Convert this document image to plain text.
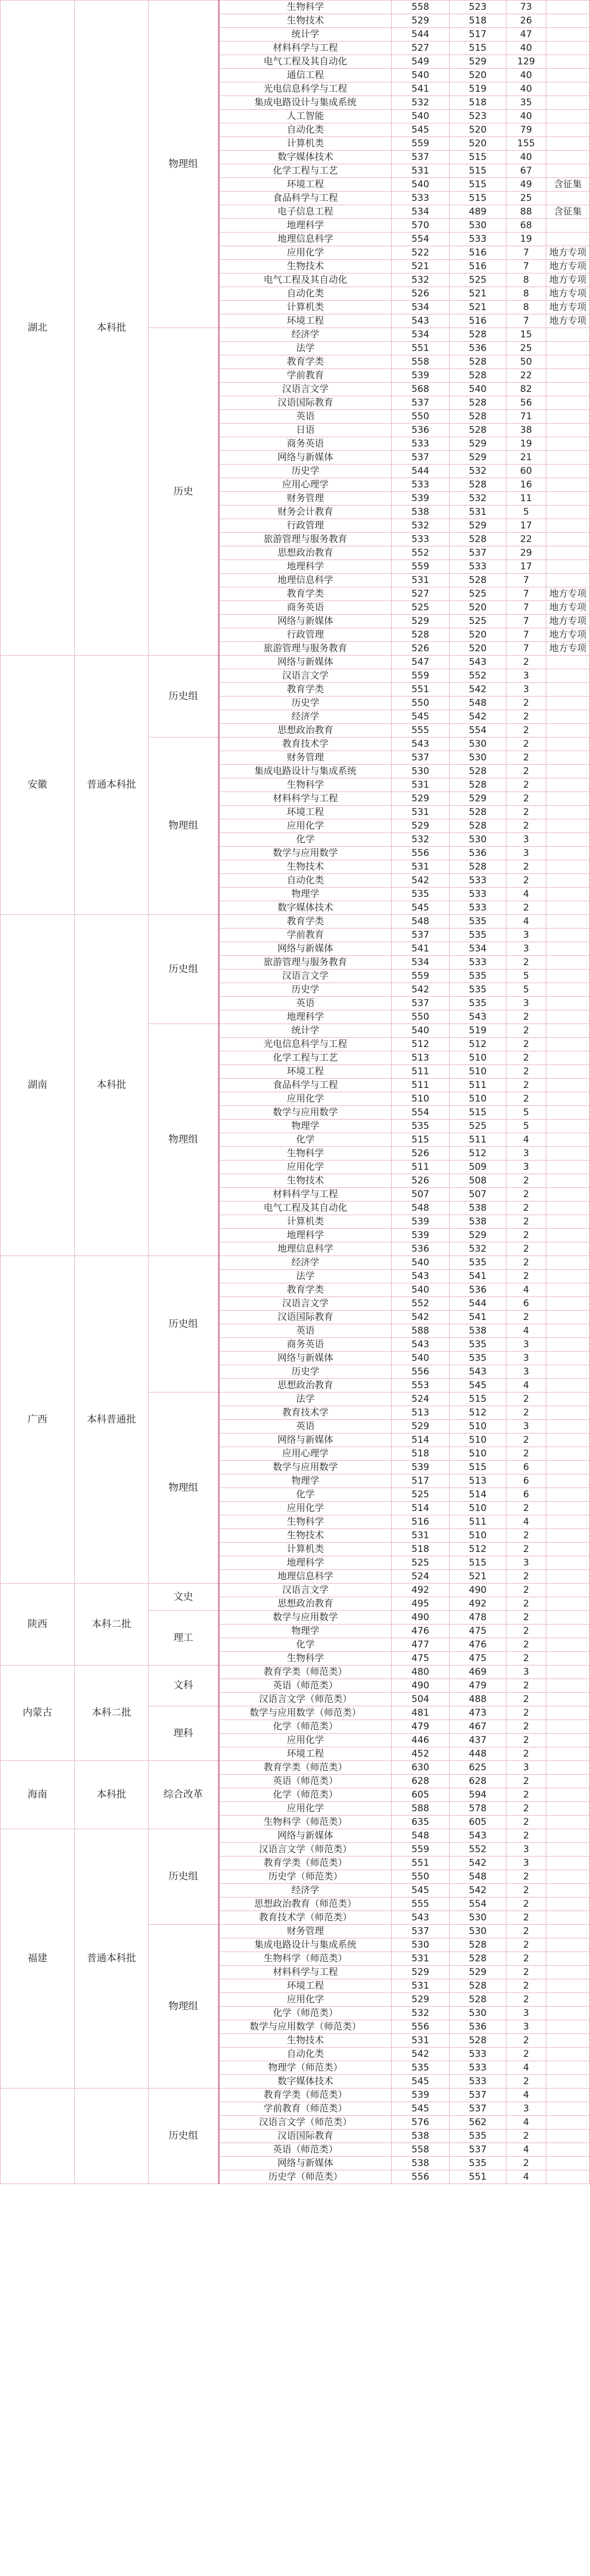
湖北	本科批	物理组	生物科学	558	523	73	
			生物技术	529	518	26	
			统计学	544	517	47	
			材料科学与工程	527	515	40	
			电气工程及其自动化	549	529	129	
			通信工程	540	520	40	
			光电信息科学与工程	541	519	40	
			集成电路设计与集成系统	532	518	35	
			人工智能	540	523	40	
			自动化类	545	520	79	
			计算机类	559	520	155	
			数字媒体技术	537	515	40	
			化学工程与工艺	531	515	67	
			环境工程	540	515	49	含征集
			食品科学与工程	533	515	25	
			电子信息工程	534	489	88	含征集
			地理科学	570	530	68	
			地理信息科学	554	533	19	
			应用化学	522	516	7	地方专项
			生物技术	521	516	7	地方专项
			电气工程及其自动化	532	525	8	地方专项
			自动化类	526	521	8	地方专项
			计算机类	534	521	8	地方专项
			环境工程	543	516	7	地方专项
		历史	经济学	534	528	15	
			法学	551	536	25	
			教育学类	558	528	50	
			学前教育	539	528	22	
			汉语言文学	568	540	82	
			汉语国际教育	537	528	56	
			英语	550	528	71	
			日语	536	528	38	
			商务英语	533	529	19	
			网络与新媒体	537	529	21	
			历史学	544	532	60	
			应用心理学	533	528	16	
			财务管理	539	532	11	
			财务会计教育	538	531	5	
			行政管理	532	529	17	
			旅游管理与服务教育	533	528	22	
			思想政治教育	552	537	29	
			地理科学	559	533	17	
			地理信息科学	531	528	7	
			教育学类	527	525	7	地方专项
			商务英语	525	520	7	地方专项
			网络与新媒体	529	525	7	地方专项
			行政管理	528	520	7	地方专项
			旅游管理与服务教育	526	520	7	地方专项
安徽	普通本科批	历史组	网络与新媒体	547	543	2	
			汉语言文学	559	552	3	
			教育学类	551	542	3	
			历史学	550	548	2	
			经济学	545	542	2	
			思想政治教育	555	554	2	
		物理组	教育技术学	543	530	2	
			财务管理	537	530	2	
			集成电路设计与集成系统	530	528	2	
			生物科学	531	528	2	
			材料科学与工程	529	529	2	
			环境工程	531	528	2	
			应用化学	529	528	2	
			化学	532	530	3	
			数学与应用数学	556	536	3	
			生物技术	531	528	2	
			自动化类	542	533	2	
			物理学	535	533	4	
			数字媒体技术	545	533	2	
湖南	本科批	历史组	教育学类	548	535	4	
			学前教育	537	535	3	
			网络与新媒体	541	534	3	
			旅游管理与服务教育	534	533	2	
			汉语言文学	559	535	5	
			历史学	542	535	5	
			英语	537	535	3	
			地理科学	550	543	2	
		物理组	统计学	540	519	2	
			光电信息科学与工程	512	512	2	
			化学工程与工艺	513	510	2	
			环境工程	511	510	2	
			食品科学与工程	511	511	2	
			应用化学	510	510	2	
			数学与应用数学	554	515	5	
			物理学	535	525	5	
			化学	515	511	4	
			生物科学	526	512	3	
			应用化学	511	509	3	
			生物技术	526	508	2	
			材料科学与工程	507	507	2	
			电气工程及其自动化	548	538	2	
			计算机类	539	538	2	
			地理科学	539	529	2	
			地理信息科学	536	532	2	
广西	本科普通批	历史组	经济学	540	535	2	
			法学	543	541	2	
			教育学类	540	536	4	
			汉语言文学	552	544	6	
			汉语国际教育	542	541	2	
			英语	588	538	4	
			商务英语	543	535	3	
			网络与新媒体	540	535	3	
			历史学	556	543	3	
			思想政治教育	553	545	4	
		物理组	法学	524	515	2	
			教育技术学	513	512	2	
			英语	529	510	3	
			网络与新媒体	514	510	2	
			应用心理学	518	510	2	
			数学与应用数学	539	515	6	
			物理学	517	513	6	
			化学	525	514	6	
			应用化学	514	510	2	
			生物科学	516	511	4	
			生物技术	531	510	2	
			计算机类	518	512	2	
			地理科学	525	515	3	
			地理信息科学	524	521	2	
陕西	本科二批	文史	汉语言文学	492	490	2	
			思想政治教育	495	492	2	
		理工	数学与应用数学	490	478	2	
			物理学	476	475	2	
			化学	477	476	2	
			生物科学	475	475	2	
内蒙古	本科二批	文科	教育学类（师范类）	480	469	3	
			英语（师范类）	490	479	2	
			汉语言文学（师范类）	504	488	2	
		理科	数学与应用数学（师范类）	481	473	2	
			化学（师范类）	479	467	2	
			应用化学	446	437	2	
			环境工程	452	448	2	
海南	本科批	综合改革	教育学类（师范类）	630	625	3	
			英语（师范类）	628	628	2	
			化学（师范类）	605	594	2	
			应用化学	588	578	2	
			生物科学（师范类）	635	605	2	
福建	普通本科批	历史组	网络与新媒体	548	543	2	
			汉语言文学（师范类）	559	552	3	
			教育学类（师范类）	551	542	3	
			历史学（师范类）	550	548	2	
			经济学	545	542	2	
			思想政治教育（师范类）	555	554	2	
			教育技术学（师范类）	543	530	2	
		物理组	财务管理	537	530	2	
			集成电路设计与集成系统	530	528	2	
			生物科学（师范类）	531	528	2	
			材料科学与工程	529	529	2	
			环境工程	531	528	2	
			应用化学	529	528	2	
			化学（师范类）	532	530	3	
			数学与应用数学（师范类）	556	536	3	
			生物技术	531	528	2	
			自动化类	542	533	2	
			物理学（师范类）	535	533	4	
			数字媒体技术	545	533	2	
		历史组	教育学类（师范类）	539	537	4	
			学前教育（师范类）	545	537	3	
			汉语言文学（师范类）	576	562	4	
			汉语国际教育	538	535	2	
			英语（师范类）	558	537	4	
			网络与新媒体	538	535	2	
			历史学（师范类）	556	551	4	
